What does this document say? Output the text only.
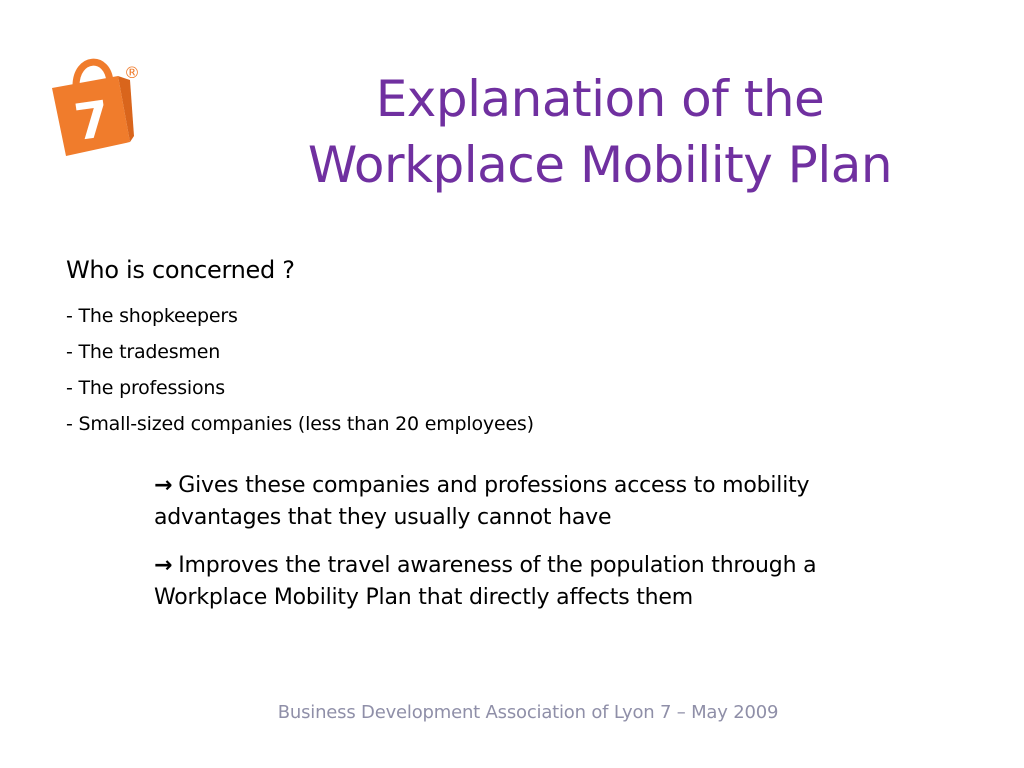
7
®	Explanation of the
Workplace Mobility Plan
Who is concerned ?
- The shopkeepers
- The tradesmen
- The professions
- Small-sized companies (less than 20 employees)
→ Gives these companies and professions access to mobility advantages that they usually cannot have
→ Improves the travel awareness of the population through a Workplace Mobility Plan that directly affects them
Business Development Association of Lyon 7 – May 2009
